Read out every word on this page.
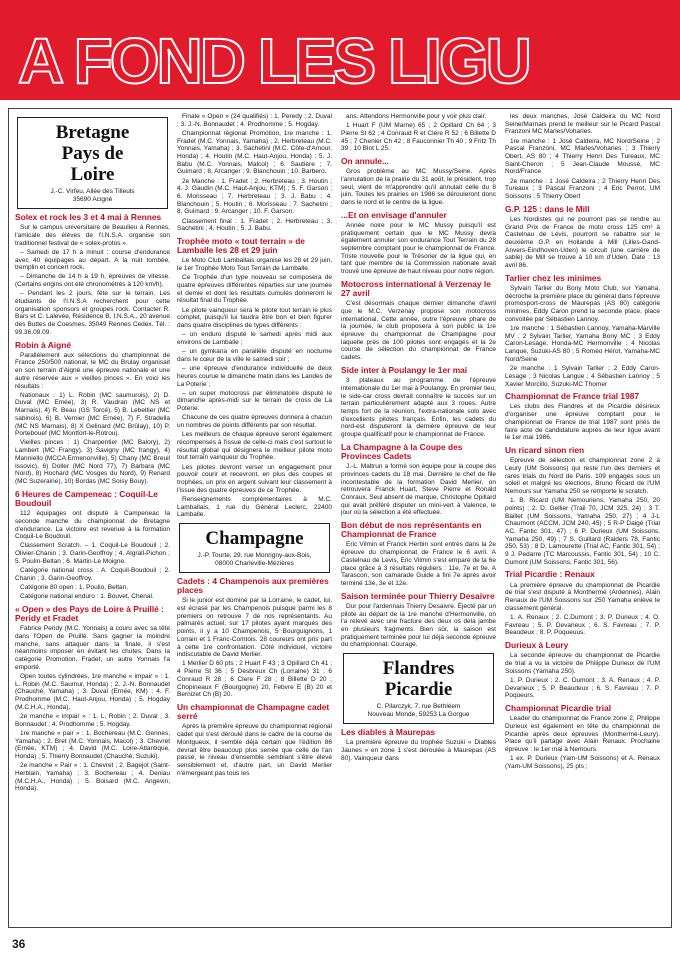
A FOND LES LIGU
Bretagne
Pays de
Loire
J.-C. Virfeu, Allée des Tilleuls
35690 Acigné
Solex et rock les 3 et 4 mai à Rennes

Sur le campus universitaire de Beaulieu à Rennes, l'amicale des élèves de l'I.N.S.A. organise son traditionnel festival de « solex-protos ».

– Samedi de 17 h à minuit : course d'endurance avec 40 équipages au départ. A la nuit tombée, tremplin et concert rock.

– Dimanche de 14 h à 19 h, épreuves de vitesse. (Certains engins ont été chronométrés à 120 km/h).

– Pendant les 2 jours, fête sur le terrain. Les étudiants de l'I.N.S.A recherchent pour cette organisation sponsors et groupes rock. Contacter R. Bars et C. Lalevée, Résidence B, I.N.S.A., 20 avenue des Buttes de Coesmes. 35049 Rennes Cedex. Tél. : 99.36.09.09.

Robin à Aigné

Parallèlement aux sélections du championnat de France 250/500 national, le MC du Brulay organisait en son terrain d'Aigné une épreuve nationale et une autre réservée aux « vieilles pinces ». En voici les résultats :

Nationaux : 1) L. Robin (MC saumurois), 2) D. Duval (MC Emée), 3) R. Vaudran (MC NS et Marnais), 4) R. Beau (GS Torcé), 5) B. Lebeltier (MC sabinois), 6) B. Vernier (MC Ernée), 7) F. Stradella (MC NS Marnais), 8) X Gelinard (MC Brûlay), 10) P. Portebouef (MC Montfort-le-Rotrou).

Vieilles pinces : 1) Charpentier (MC Balory), 2) Lambert (MC Frangy), 3) Savigny (MC frangy), 4) Manniello (MCCA Ermenonville), 5) Chany (MC Breuil Issovic), 6) Doller (MC Nord 77), 7) Barbara (MC Nord), 8) Hochard (MC Vosges du Nord), 9) Renard (MC Suzeraine), 10) Bordas (MC Soisy Bouy).

6 Heures de Campeneac : Coquil-Le Boudouil

112 équipages ont disputé à Campeneac la seconde manche du championnat de Bretagne d'endurance. La victoire est revenue à la formation Coquil-Le Boudouil.

Classement Scratch. – 1. Coquil-Le Boudouil ; 2. Olivier-Chanin ; 3. Garin-Geoffroy ; 4. Algrall-Pichon ; 5. Poulin-Beltan ; 6. Martin-Le Moigne.

Catégorie national cross : A. Coquil-Boudouil ; 2. Chanin ; 3. Garin-Geoffroy.

Catégorie 80 open : 1. Poulio, Beltan.

Catégorie national enduro : 1. Bouvet, Chenal.

« Open » des Pays de Loire à Pruillé : Peridy et Fradet

Fabrice Peridy (M.C. Yonnais) a couru avec sa tête dans l'Open de Pruillé. Sans gagner la moindre manche, sans attaquer dans la finale, il s'est néanmoins imposer en évitant les chutes. Dans la catégorie Promotion, Fradet, un autre Yonnais l'a emporté.

Open toutes cylindrées, 1re manche « impair » : 1. L. Robin (M.C. Saumur, Honda) ; 2. J.-N. Bonnaudet (Chauché, Yamaha) ; 3. Duval (Ernée, KM) ; 4. F. Prodhomme (M.C. Haut-Anjou, Honda) ; 5. Hogday (M.C.H.A., Honda).

2e manche « impair » : 1. L. Robin ; 2. Duval ; 3. Bonnaudet ; 4. Prodhomme ; 5. Hogday.

1re manche « pair » : 1. Bochereau (M.C. Gennes, Yamaha) ; 2. Bret (M.C. Yonnais, Macol) ; 3. Chevret (Ernée, KTM) ; 4. David (M.C. Loire-Atlantique, Honda) ; 5. Thierry Bonnaudet (Chauché, Suzuki).

2e manche « Pair » : 1. Chevret ; 2. Bagejot (Saint-Herblain, Yamaha) ; 3. Bochereau ; 4. Deniau (M.C.H.A., Honda) ; 5. Boisard (M.C. Angevin, Honda).

Finale « Open » (24 qualifiés) : 1. Peredy ; 2. Duval ; 3. J.-N. Bonnaudet ; 4. Prodhomme ; 5. Hogday.

Championnat régional Promotion, 1re manche : 1. Fradet (M.C. Yonnais, Yamaha) ; 2. Herbreteau (M.C. Yonnais, Yamaha) ; 3. Sachetini (M.C. Côte-d'Amour, Honda) ; 4. Houtin (M.C. Haut-Anjou, Honda) ; 5. J. Babu (M.C. Yonnais, Malcol) ; 6. Sautière ; 7. Guimard ; 8. Arcanger ; 9. Blanchouin ; 10. Barbero.

2e Manche : 1. Fradet ; 2. Herbreteau ; 3. Houtin ; 4. J. Gaudin (M.C. Haut-Anjou, KTM) ; 5. F. Garson ; 6. Morisseau ; 7. Herbreteau ; 3. J. Babu ; 4. Blanchouin ; 5. Houtin ; 6. Morisseau ; 7. Sachetini ; 8. Guimard ; 9. Arcanger ; 10. F. Garson.

Classement final : 1. Fradet ; 2. Herbreteau ; 3. Sachetini ; 4. Houtin ; 5. J. Babu.

Trophée moto « tout terrain » de Lamballe les 28 et 29 juin

Le Moto Club Lamballais organise les 28 et 29 juin, le 1er Trophée Moto Tout Terrain de Lamballe.

Ce Trophée d'un type nouveau se composera de quatre épreuves différentes réparties sur une journée et demie et dont les résultats cumulés donneront le résultat final du Trophée.

Le pilote vainqueur sera le pilote tout terrain le plus complet, puisqu'il lui faudra être bon et bien figurer dans quatre disciplines de types différents :

– un enduro disputé le samedi après midi aux environs de Lamballe ;

– un gymkana en parallèle disputé en nocturne dans le cœur de la ville le samedi soir ;

– une épreuve d'endurance individuelle de deux heures courue le dimanche matin dans les Landes de La Poterie ;

– un super motocross par éliminatoire disputé le dimanche après-midi sur le terrain de cross de La Poterie.

Chacune de ces quatre épreuves donnera à chacun un nombres de points différents par son résultat.

Les meilleurs de chaque épreuve seront également récompensés à l'issue de celle-ci mais c'est surtout le résultat global qui désignera le meilleur pilote moto tout terrain vainqueur du Trophée.

Les pilotes devront verser un engagement pour pouvoir courir et recevront, en plus des coupes et trophées, un prix en argent suivant leur classement à l'issue des quatre épreuves de ce Trophée.

Renseignements complémentaires à M.C. Lamballais, 1 rue du Général Leclerc, 22400 Lamballe.

Champagne
J.-P. Tourte, 29, rue Monrigny-aux-Bois,
08000 Charleville-Mézières
Cadets : 4 Champenois aux premières places

Si le junior est dominé par la Lorraine, le cadet, lui, est écrasé par les Champenois puisque parmi les 8 premiers on retrouve 7 de nos représentants. Au palmarès actuel, sur 17 pilotes ayant marqués des points, il y a 10 Champenois, 5 Bourguignons, 1 Lorrain et 1 Franc-Comtois. 28 coureurs ont pris part à cette 1re confrontation. Côté individuel, victoire indiscutable de David Merlier.

1 Merlier D 60 pts ; 2 Huart F 43 ; 3 Opillard Ch 41 ; 4 Pierre St 36 ; 5 Desbreux Ch (Lorraine) 31 ; 6 Conraud R 28 ; 6 Clere F 28 ; 8 Billette D 20 ; Chopineaux F (Bourgogne) 20, Febvre E (B) 20 et Bernizet Ch (B) 20.

Un championnat de Champagne cadet serré

Après la première épreuve du championnat régional cadet qui s'est déroulé dans le cadre de la course de Montgueux, il semble déjà certain que l'édition 86 devrait être beaucoup plus serrée que celle de l'an passé, le niveau d'ensemble semblant s'être élevé sensiblement et, d'autre part, un David Merlier n'émergeant pas tous les

ans. Attendons Hermonville pour y voir plus clair.

1 Huart F (UM Marne) 65 ; 2 Opillard Ch 64 ; 3 Pierre St 62 ; 4 Conraud R et Clère R 52 ; 6 Billette D 45 ; 7 Chenier Ch 42 ; 8 Fauconnier Th 40 ; 9 Fritz Th 39 ; 10 Blot L 25.

On annule...

Gros problème au MC Mussy/Seine. Après l'annulation de la prairie du 31 août, le président, trop seul, vient de m'apprendre qu'il annulait celle du 8 juin. Toutes les prairies en 1986 se dérouleront donc dans le nord et le centre de la ligue.

...Et on envisage d'annuler

Année noire pour le MC Mussy puisqu'il est pratiquement certain que le MC Mussy devra également annuler son endurance Tout Terrain du 28 septembre comptant pour le championnat de France. Triste nouvelle pour le Trésorier de la ligue qui, en tant que membre de la Commission nationale avait trouvé une épreuve de haut niveau pour notre région.

Motocross international à Verzenay le 27 avril

C'est désormais chaque dernier dimanche d'avril que le M.C. Verzenay propose son motocross international. Cette année, outre l'épreuve phare de la journée, le club proposera à son public la 1re épreuve du championnat de Champagne pour laquelle près de 100 pilotes sont engagés et la 2e course de sélection du championnat de France cadets.

Side inter à Poulangy le 1er mai

3 plateaux au programme de l'épreuve internationale du 1er mai à Poulangy. En premier lieu, le side-car cross devrait connaître le succès sur un terrain particulièrement adapté aux 3 roues. Autre temps fort de la réunion, l'extra-nationale solo avec d'excellents pilotes français. Enfin, les cadets du nord-est disputeront la dernière épreuve de leur groupe qualificatif pour le championnat de France.

La Champagne à la Coupe des Provinces Cadets

J.-L. Maltrun a formé son équipe pour la coupe des provinces cadets du 18 mai. Dernière le chef de file incontestable de la formation David Merlier, on retrouvera Franck Huart, Steve Pierre et Ronald Conraux. Seul absent de marque, Christophe Opillard qui avait préféré disputer un mini-vert à Valence, le jour où la sélection a été effectuée.

Bon début de nos représentants en Championnat de France

Eric Vilmin et Franck Herbin sont entrés dans la 2e épreuve du championnat de France le 6 avril. A Castelnau de Levis, Eric Vilmin s'est emparé de la 6e place grâce à 3 résultats réguliers : 11e, 7e et 9e. A Tarascon, son camarade Guide a fini 7e après avoir terminé 13e, 3e et 12e.

Saison terminée pour Thierry Desaivre

Dur pour l'ardennais Thierry Desaivre. Éjecté par un pilote au départ de la 1re manche d'Hermonville, on l'a relevé avec une fracture des deux os dela jambe en plusieurs fragments. Bien sûr, la saison est pratiquement terminée pour lui déjà seconde épreuve du championnat. Courage.

Flandres
Picardie
C. Pilarczyk, 7, rue Bethléem
Nouveau Monde, 59253 La Gorgue
Les diables à Maurepas

La première épreuve du trophée Suzuki « Diables Jaunes » en zone 1 s'est déroulée à Maurepas (AS 80). Vainqueur dans

les deux manches, José Caldeira du MC Nord Seine/Marnais prend le meilleur sur le Picard Pascal Franzoni MC Marles/Voharies.

1re manche : 1 José Caldeira, MC Nord/Seine ; 2 Pascal Franzoni, MC Marles/Voharies ; 3 Thierry Obert, AS 80 ; 4 Thierry Henri Des Tureaux, MC Saint-Cheron ; 5 Jean-Claude Moussé, MC Nord/France

2e manche : 1 José Caldeira ; 2 Thierry Henri Des Tureaux ; 3 Pascal Franzoni ; 4 Eric Perrot, UM Soissons ; 5 Thierry Obert

G.P. 125 : dans le Mill

Les Nordistes qui ne pourront pas se rendre au Grand Prix de France de moto cross 125 cm³ à Castelnau de Lévis, pourront se rabattre sur le deuxième G.P. en Hollande à Mill (Lilles-Gand-Anvers-Eindhoven-Uden) le circuit (une carrière de sable) de Mill se trouve à 10 km d'Uden. Date : 13 avril 86.

Tarlier chez les minimes

Sylvain Tarlier du Bony Moto Club, sur Yamaha, décroche la première place du général dans l'épreuve promosport-cross de Maurepas (AS 80) catégorie minimes. Eddy Caron prend la seconde place, place convoitée par Sébastien Lannoy.

1re manche : 1 Sébastien Lannoy, Yamaha-Marville MV ; 2 Sylvain Tarlier, Yamaha Bony MC ; 3 Eddy Caron-Lesage, Honda-MC Hermonville ; 4 Nicolas Lanque, Suzuki-AS 80 ; 5 Roméo Hérot, Yamaha-MC Nord/Seine

2e manche : 1 Sylvain Tarlier ; 2 Eddy Caron-Lesage ; 3 Nicolas Langue ; 4 Sébastien Lannoy ; 5 Xavier Morcillo, Suzuki-MC Thomer

Championnat de France trial 1987

Les clubs des Flandres et de Picardie désireux d'organiser une épreuve comptant pour le championnat de France de trial 1987 sont priés de faire acte de candidature auprès de leur ligue avant le 1er mai 1986.

Un ricard sinon rien

Epreuve de sélection et championnat zone 2 à Leury (UM Soissons) qui reste l'un des derniers et rares trials du Nord de Paris. 109 engagés sous un soleil et malgré les élections, Bruno Ricard de l'UM Nemours sur Yamaha 250 se remporte le scratch.

1. B. Ricard (UM Nemouriens, Yamaha 250, 20 points) ; 2. D. Gellier (Trail 70, JCM 325, 24) ; 3 T. Baillet (UM Soissons, Yamaha 250, 27) ; 4 J-L Chaumont (ACCM, JCM 240, 45) ; 5 R-P Daigé (Trial AC, Fantic 301, 47) ; 6 P. Durieux (UM Soissons, Yamaha 250, 49) ; 7 S. Guillard (Raiders 78, Fantic 250, 53) ; 8 D. Lamourette (Trial AC, Fantic 301, 54) ; 9 J. Pedarre (TC Marcoussis, Fantic 301, 54) ; 10 C. Dumont (UM Soissons, Fantic 301, 56).

Trial Picardie : Renaux

La première épreuve du championnat de Picardie de trial s'est disputé à Monthermé (Ardennes), Alain Renaux de l'UM Soissons sur 250 Yamaha enlève le classement général.

1. A. Renaux ; 2. C.Dumont ; 3. P. Durieux ; 4. O. Favreau ; 5. P. Devarieux ; 6. S. Favreau ; 7. P. Beaudeux ; 8. P. Poqueuus.

Durieux à Leury

La seconde épreuve du championnat de Picardie de trial a vu la victoire de Philippe Durieux de l'UM Soissons (Yamaha 250).

1. P. Durieux ; 2. C. Dumont ; 3. A. Renaux ; 4. P. Devarieux ; 5. P. Beaudeux ; 6. S. Favreau ; 7. P. Poqueurs.

Championnat Picardie trial

Leader du championnat de France zone 2, Philippe Durieux est également en tête du championnat de Picardie après deux épreuves (Monthermé-Leury). Place qu'il partage avec Alain Renaux. Prochaine épreuve : le 1er mai à Nemours.

1 ex. P. Durieux (Yam-UM Soissons) et A. Renaux (Yam-UM Soissons), 25 pts ;

36
